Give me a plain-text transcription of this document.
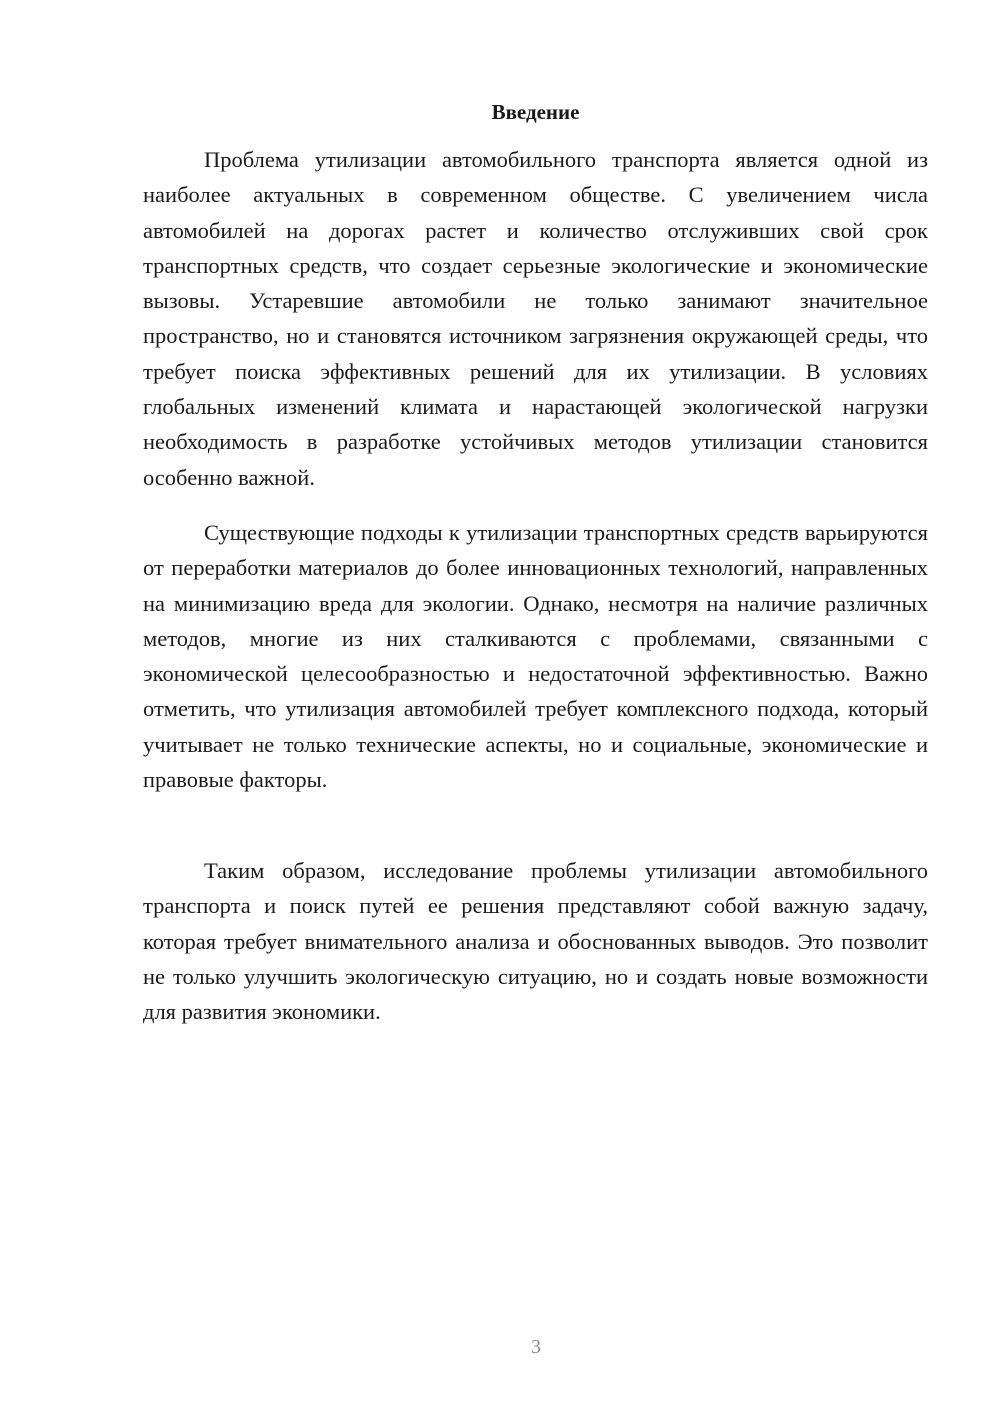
Введение

Проблема утилизации автомобильного транспорта является одной из наиболее актуальных в современном обществе. С увеличением числа автомобилей на дорогах растет и количество отслуживших свой срок транспортных средств, что создает серьезные экологические и экономические вызовы. Устаревшие автомобили не только занимают значительное пространство, но и становятся источником загрязнения окружающей среды, что требует поиска эффективных решений для их утилизации. В условиях глобальных изменений климата и нарастающей экологической нагрузки необходимость в разработке устойчивых методов утилизации становится особенно важной.

Существующие подходы к утилизации транспортных средств варьируются от переработки материалов до более инновационных технологий, направленных на минимизацию вреда для экологии. Однако, несмотря на наличие различных методов, многие из них сталкиваются с проблемами, связанными с экономической целесообразностью и недостаточной эффективностью. Важно отметить, что утилизация автомобилей требует комплексного подхода, который учитывает не только технические аспекты, но и социальные, экономические и правовые факторы.

Таким образом, исследование проблемы утилизации автомобильного транспорта и поиск путей ее решения представляют собой важную задачу, которая требует внимательного анализа и обоснованных выводов. Это позволит не только улучшить экологическую ситуацию, но и создать новые возможности для развития экономики.

3
